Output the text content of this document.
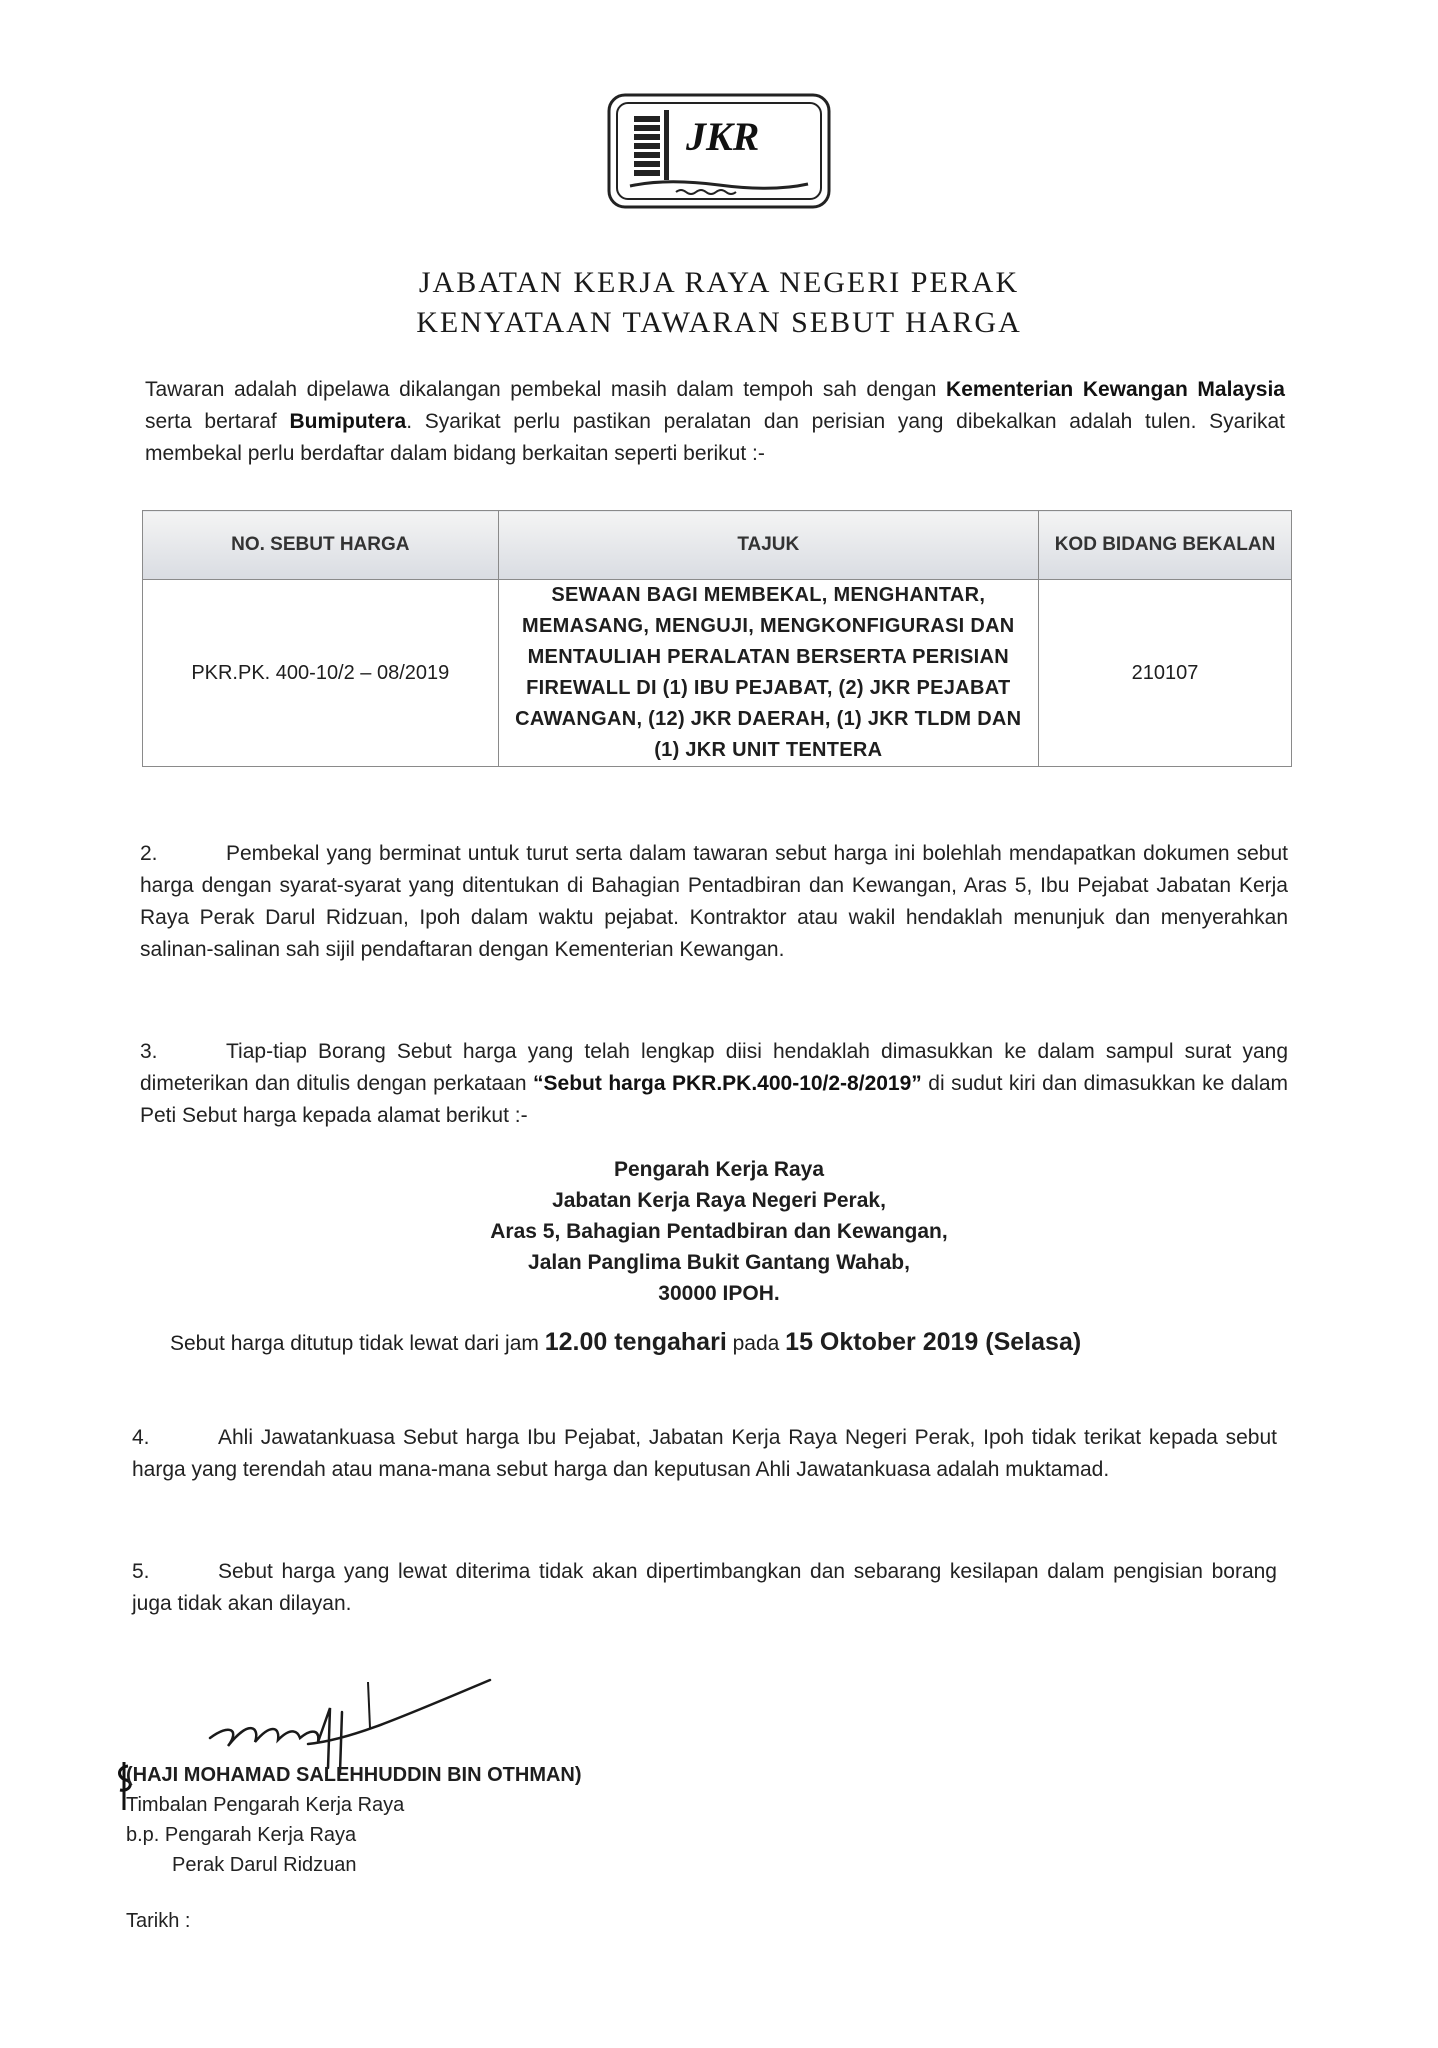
JKR
JABATAN KERJA RAYA NEGERI PERAK
KENYATAAN TAWARAN SEBUT HARGA
Tawaran adalah dipelawa dikalangan pembekal masih dalam tempoh sah dengan Kementerian Kewangan Malaysia serta bertaraf Bumiputera. Syarikat perlu pastikan peralatan dan perisian yang dibekalkan adalah tulen. Syarikat membekal perlu berdaftar dalam bidang berkaitan seperti berikut :-
NO. SEBUT HARGA	TAJUK	KOD BIDANG BEKALAN
PKR.PK. 400-10/2 – 08/2019	SEWAAN BAGI MEMBEKAL, MENGHANTAR, MEMASANG, MENGUJI, MENGKONFIGURASI DAN MENTAULIAH PERALATAN BERSERTA PERISIAN FIREWALL DI (1) IBU PEJABAT, (2) JKR PEJABAT CAWANGAN, (12) JKR DAERAH, (1) JKR TLDM DAN (1) JKR UNIT TENTERA	210107
2.	Pembekal yang berminat untuk turut serta dalam tawaran sebut harga ini bolehlah mendapatkan dokumen sebut harga dengan syarat-syarat yang ditentukan di Bahagian Pentadbiran dan Kewangan, Aras 5, Ibu Pejabat Jabatan Kerja Raya Perak Darul Ridzuan, Ipoh dalam waktu pejabat. Kontraktor atau wakil hendaklah menunjuk dan menyerahkan salinan-salinan sah sijil pendaftaran dengan Kementerian Kewangan.
3.	Tiap-tiap Borang Sebut harga yang telah lengkap diisi hendaklah dimasukkan ke dalam sampul surat yang dimeterikan dan ditulis dengan perkataan “Sebut harga PKR.PK.400-10/2-8/2019” di sudut kiri dan dimasukkan ke dalam Peti Sebut harga kepada alamat berikut :-
Pengarah Kerja Raya
Jabatan Kerja Raya Negeri Perak,
Aras 5, Bahagian Pentadbiran dan Kewangan,
Jalan Panglima Bukit Gantang Wahab,
30000 IPOH.
Sebut harga ditutup tidak lewat dari jam 12.00 tengahari pada 15 Oktober 2019 (Selasa)
4.	Ahli Jawatankuasa Sebut harga Ibu Pejabat, Jabatan Kerja Raya Negeri Perak, Ipoh tidak terikat kepada sebut harga yang terendah atau mana-mana sebut harga dan keputusan Ahli Jawatankuasa adalah muktamad.
5.	Sebut harga yang lewat diterima tidak akan dipertimbangkan dan sebarang kesilapan dalam pengisian borang juga tidak akan dilayan.
(HAJI MOHAMAD SALEHHUDDIN BIN OTHMAN)
Timbalan Pengarah Kerja Raya
b.p. Pengarah Kerja Raya
Perak Darul Ridzuan
Tarikh :
